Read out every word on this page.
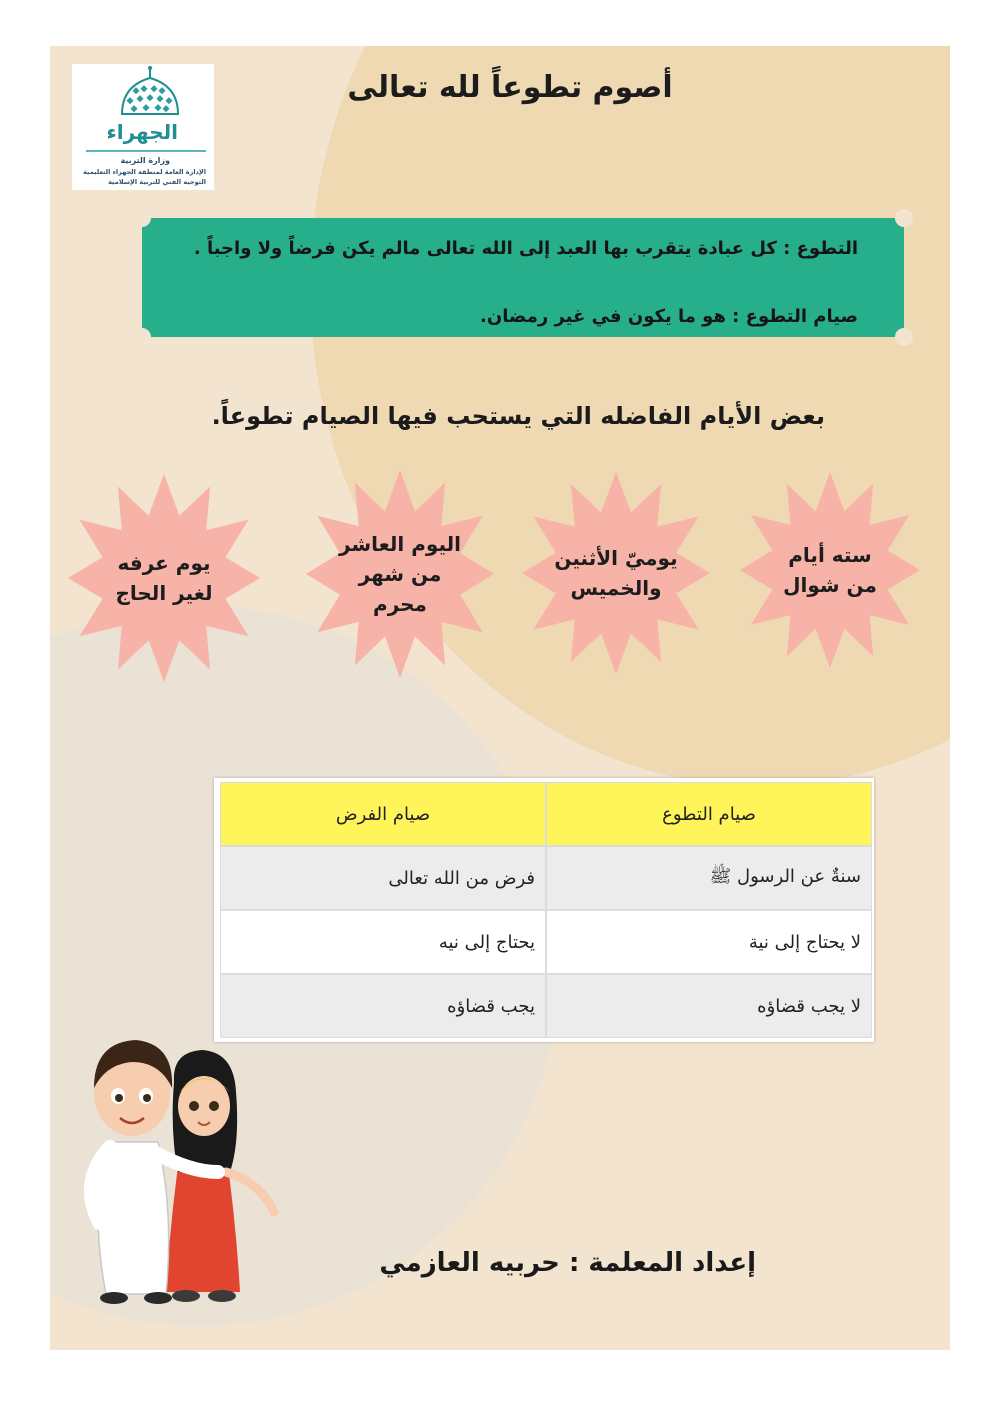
الجهراء
وزارة التربية
الإدارة العامة لمنطقة الجهراء التعليمية
التوجيه الفني للتربية الإسلامية
أصوم تطوعاً لله تعالى
التطوع : كل عبادة يتقرب بها العبد إلى الله تعالى مالم يكن فرضاً ولا واجباً .
صيام التطوع : هو ما يكون في غير رمضان.
بعض الأيام الفاضله التي يستحب فيها الصيام تطوعاً.
يوم عرفه
لغير الحاج
اليوم العاشر
من شهر
محرم
يوميّ الأثنين
والخميس
سته أيام
من شوال
صيام الفرض	صيام التطوع
فرض من الله تعالى	سنةٌ عن الرسول ﷺ
يحتاج إلى نيه	لا يحتاج إلى نية
يجب قضاؤه	لا يجب قضاؤه
إعداد المعلمة : حربيه العازمي
